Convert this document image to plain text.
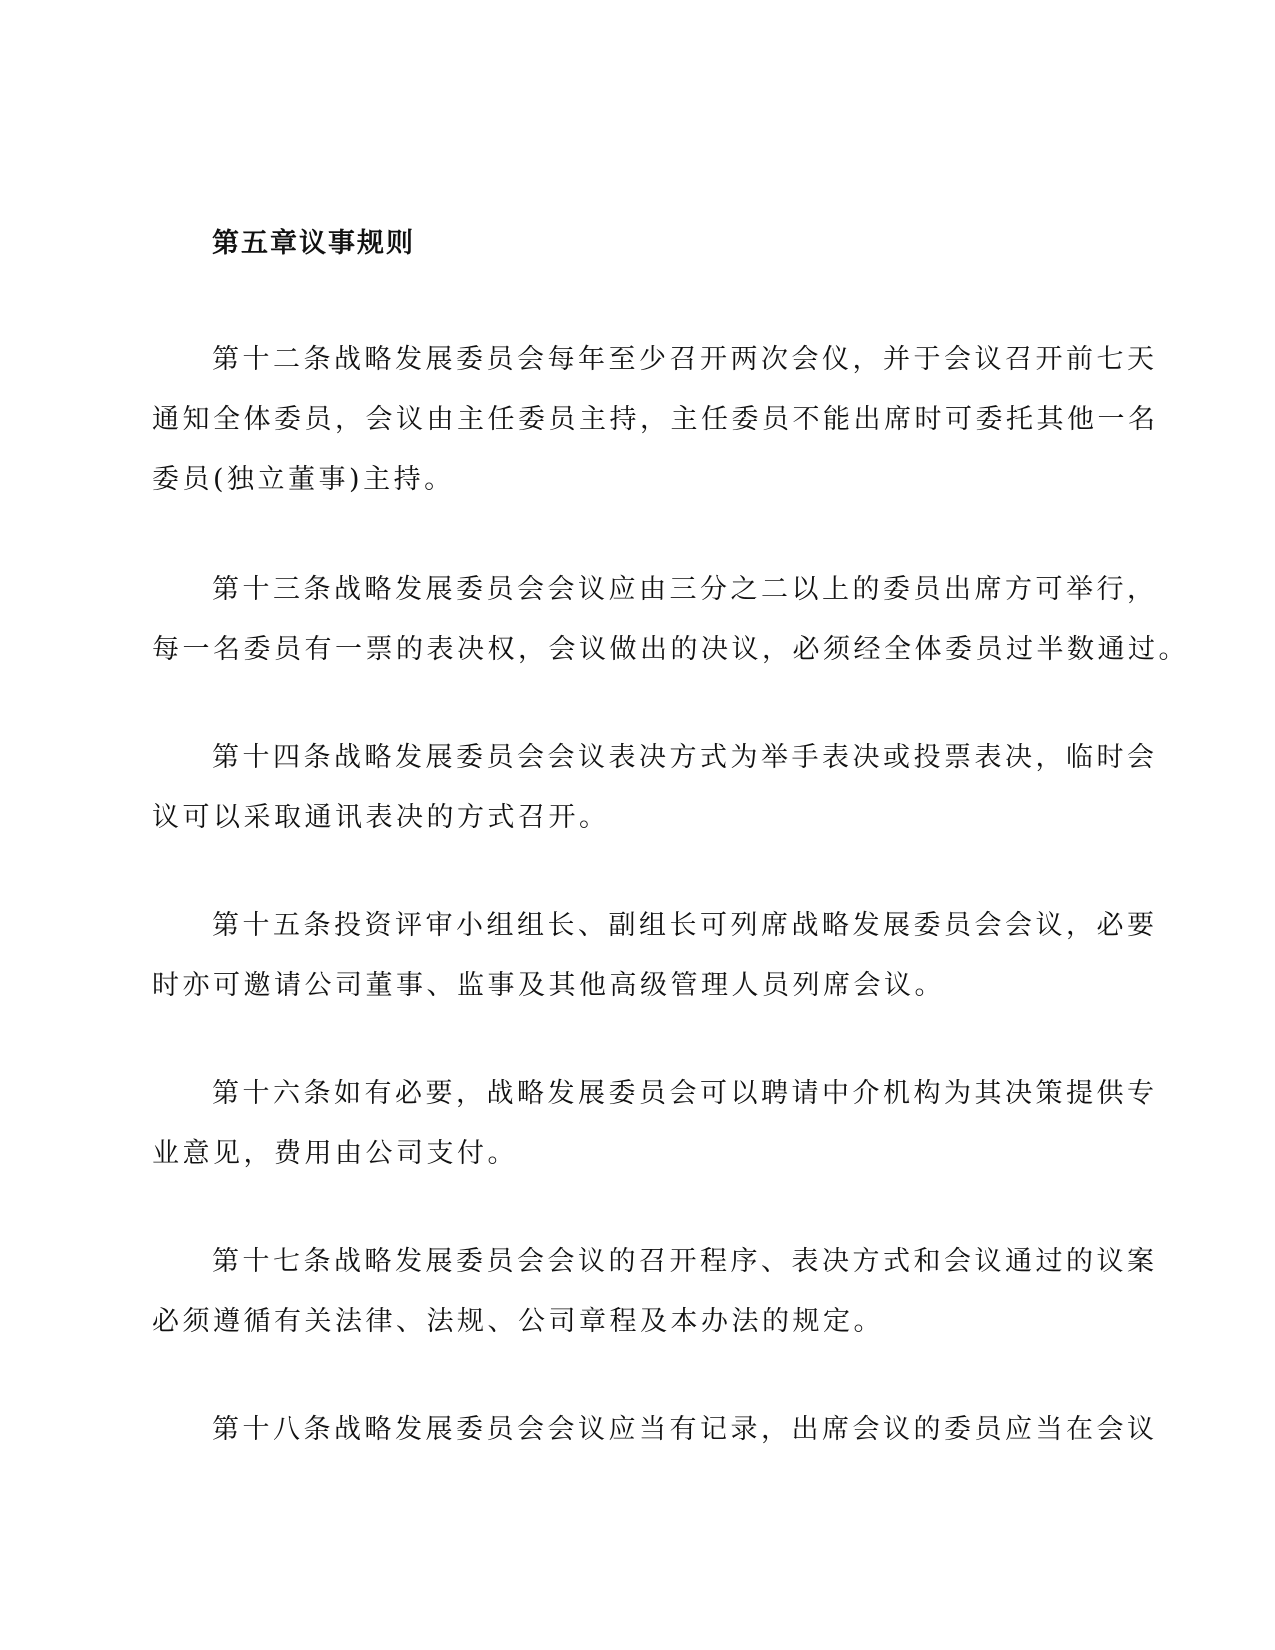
第五章议事规则
第十二条战略发展委员会每年至少召开两次会仪，并于会议召开前七天
通知全体委员，会议由主任委员主持，主任委员不能出席时可委托其他一名
委员(独立董事)主持。
第十三条战略发展委员会会议应由三分之二以上的委员出席方可举行，
每一名委员有一票的表决权，会议做出的决议，必须经全体委员过半数通过。
第十四条战略发展委员会会议表决方式为举手表决或投票表决，临时会
议可以采取通讯表决的方式召开。
第十五条投资评审小组组长、副组长可列席战略发展委员会会议，必要
时亦可邀请公司董事、监事及其他高级管理人员列席会议。
第十六条如有必要，战略发展委员会可以聘请中介机构为其决策提供专
业意见，费用由公司支付。
第十七条战略发展委员会会议的召开程序、表决方式和会议通过的议案
必须遵循有关法律、法规、公司章程及本办法的规定。
第十八条战略发展委员会会议应当有记录，出席会议的委员应当在会议
